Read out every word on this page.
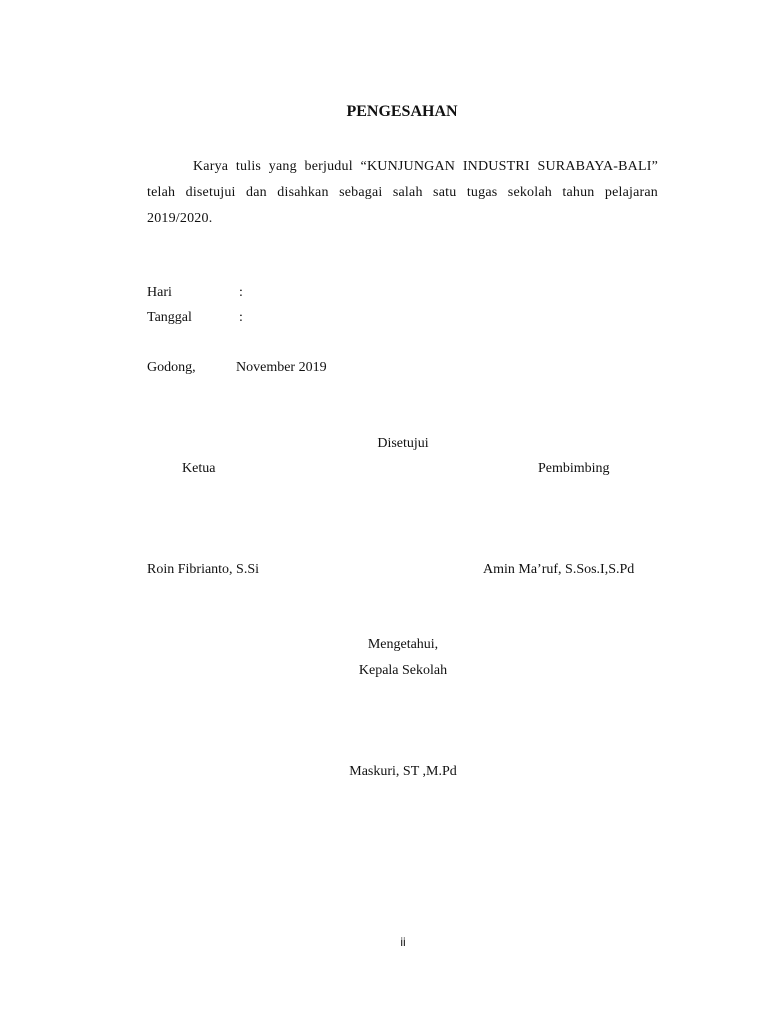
PENGESAHAN
Karya tulis yang berjudul “KUNJUNGAN INDUSTRI SURABAYA-BALI” telah disetujui dan disahkan sebagai salah satu tugas sekolah tahun pelajaran 2019/2020.
Hari	:
Tanggal	:
Godong,	November 2019
Disetujui
Ketua	Pembimbing
Roin Fibrianto, S.Si	Amin Ma’ruf, S.Sos.I,S.Pd
Mengetahui,
Kepala Sekolah
Maskuri, ST ,M.Pd
ii
